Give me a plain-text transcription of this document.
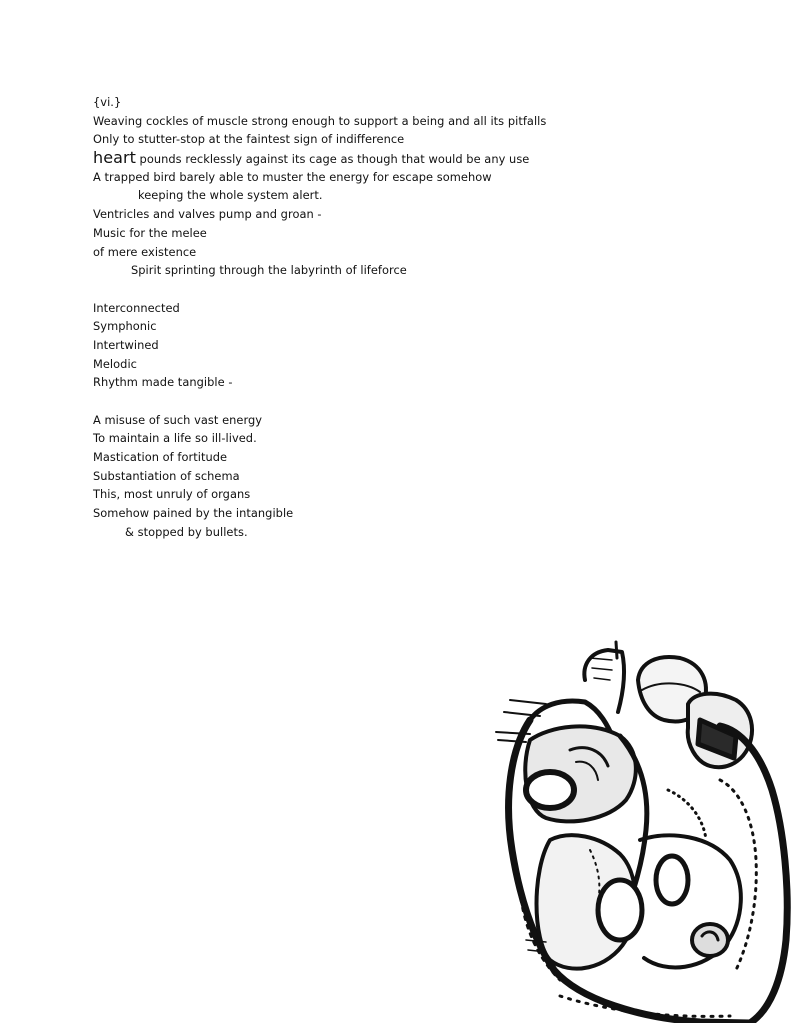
{vi.}
Weaving cockles of muscle strong enough to support a being and all its pitfalls
Only to stutter-stop at the faintest sign of indifference
heart pounds recklessly against its cage as though that would be any use
A trapped bird barely able to muster the energy for escape somehow
keeping the whole system alert.
Ventricles and valves pump and groan -
Music for the melee
of mere existence
Spirit sprinting through the labyrinth of lifeforce
Interconnected
Symphonic
Intertwined
Melodic
Rhythm made tangible -
A misuse of such vast energy
To maintain a life so ill-lived.
Mastication of fortitude
Substantiation of schema
This, most unruly of organs
Somehow pained by the intangible
& stopped by bullets.
